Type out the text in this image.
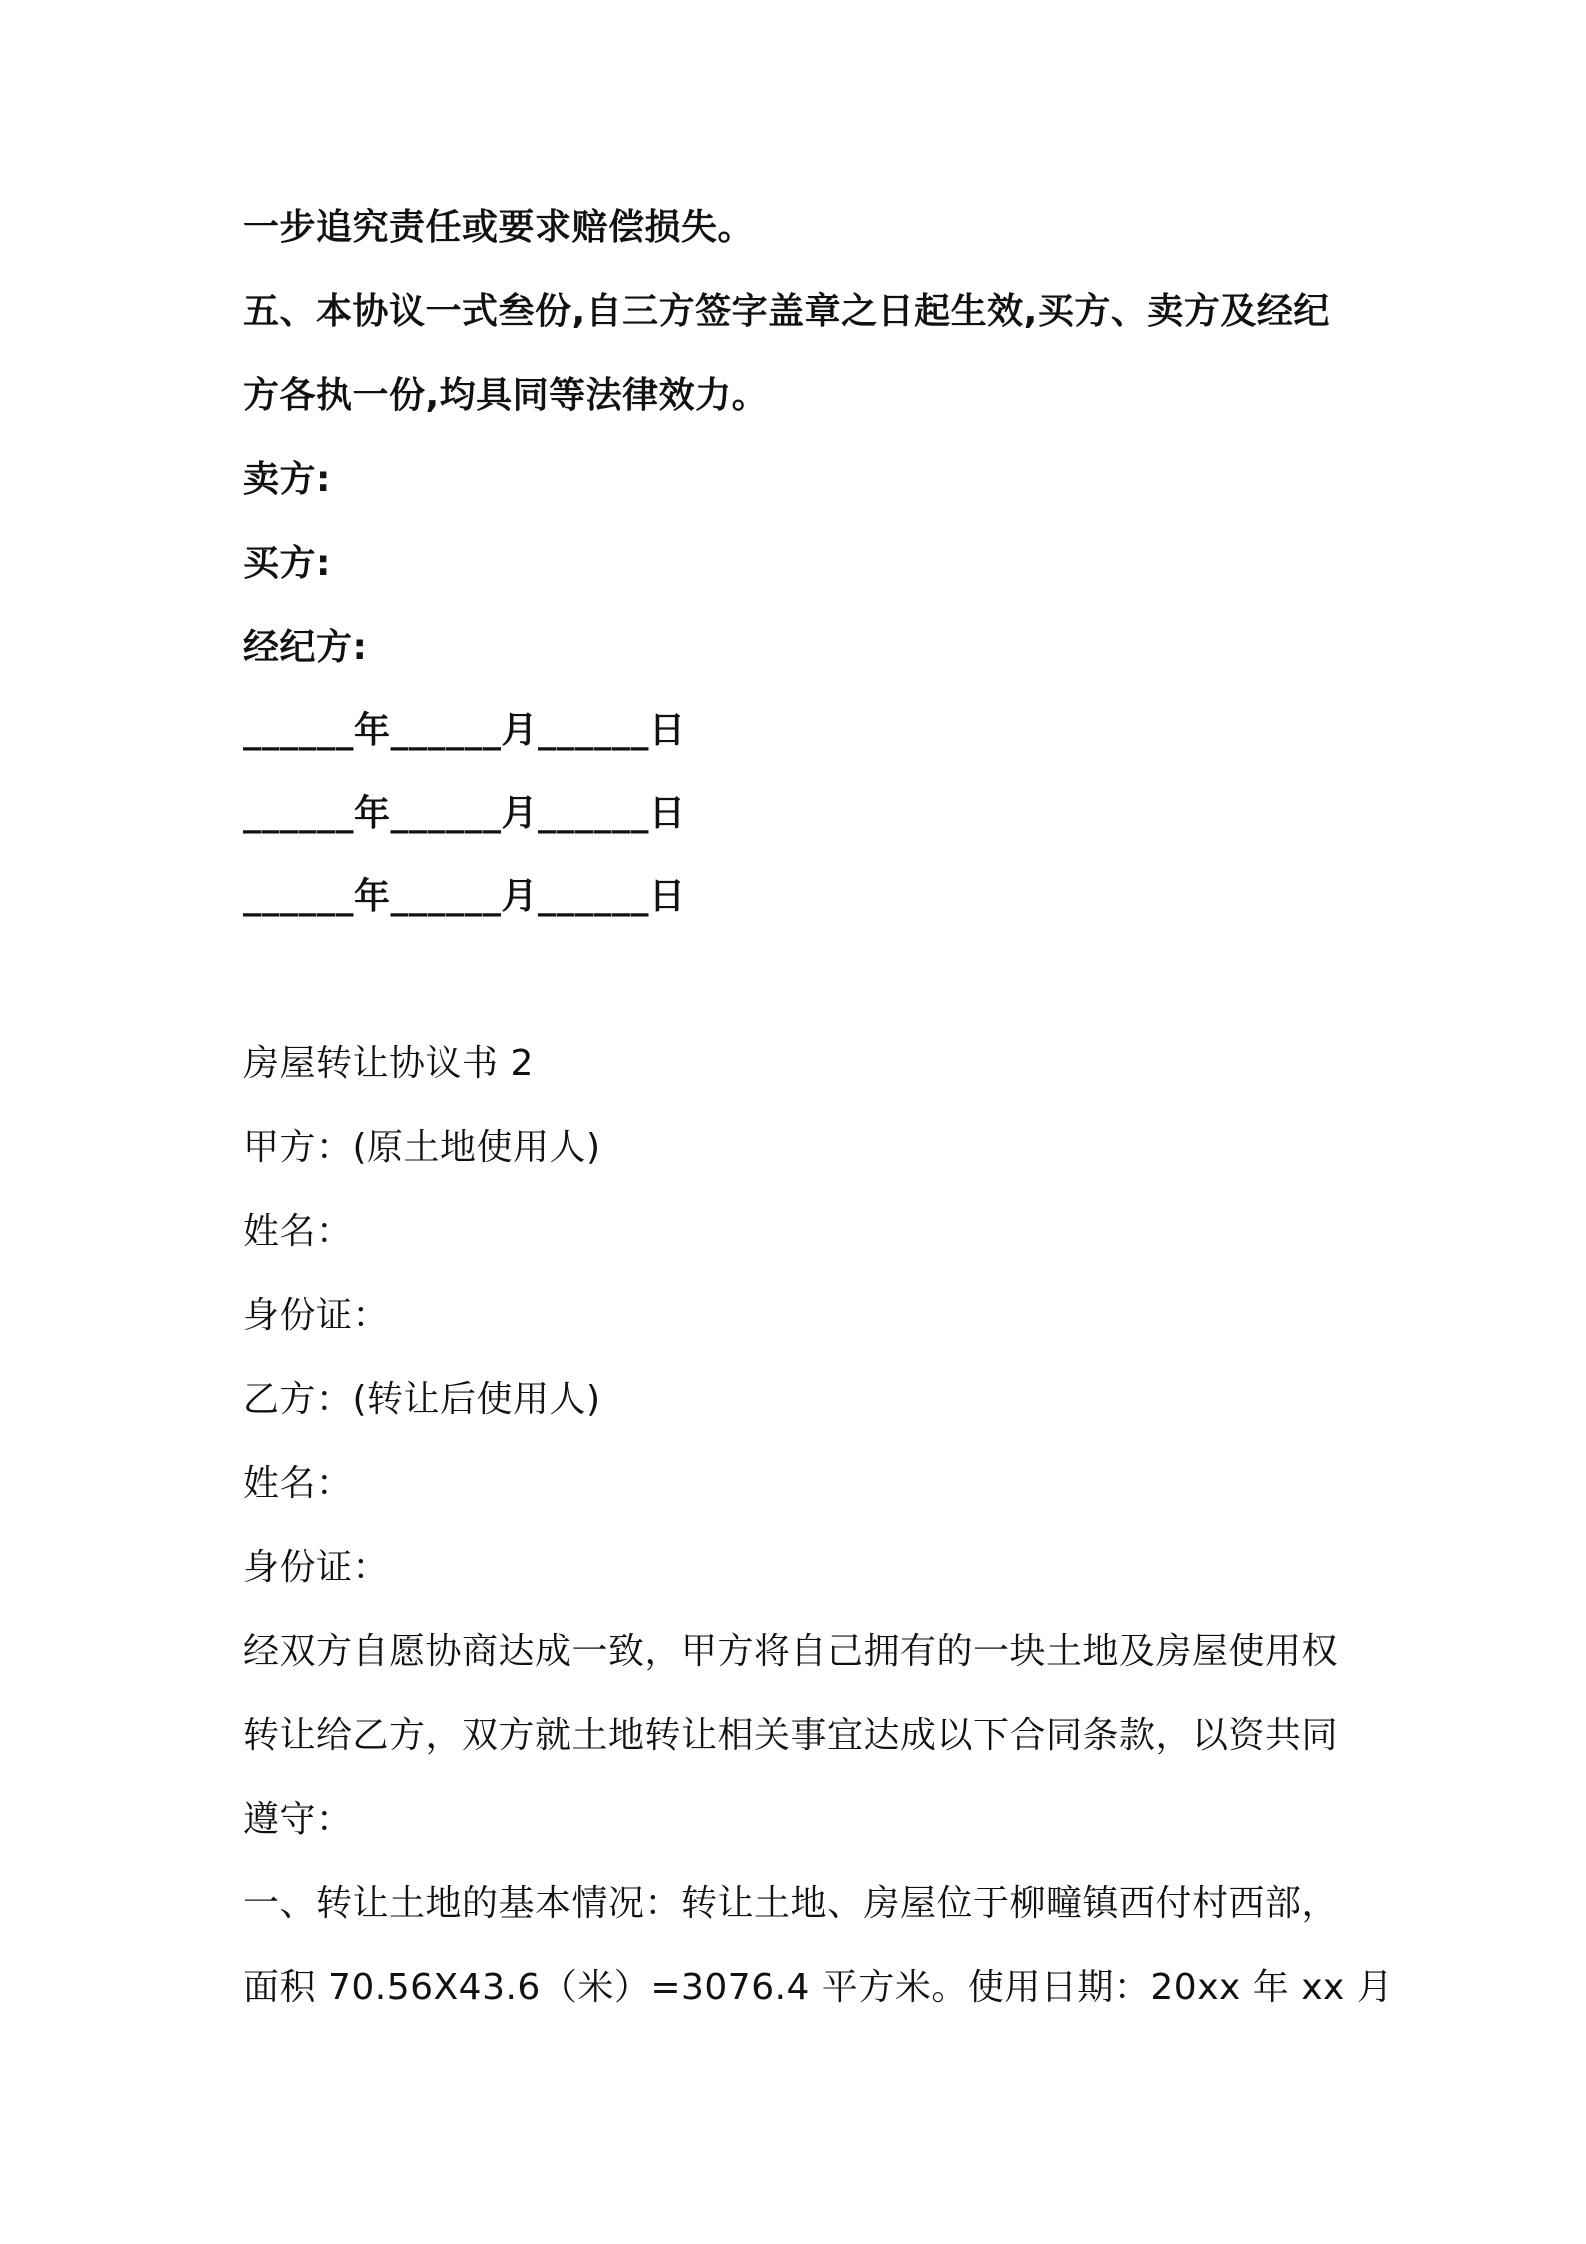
一步追究责任或要求赔偿损失。
五、本协议一式叁份,自三方签字盖章之日起生效,买方、卖方及经纪
方各执一份,均具同等法律效力。
卖方:
买方:
经纪方:
______年______月______日
______年______月______日
______年______月______日
房屋转让协议书 2
甲方：(原土地使用人)
姓名：
身份证：
乙方：(转让后使用人)
姓名：
身份证：
经双方自愿协商达成一致，甲方将自己拥有的一块土地及房屋使用权
转让给乙方，双方就土地转让相关事宜达成以下合同条款，以资共同
遵守：
一、转让土地的基本情况：转让土地、房屋位于柳疃镇西付村西部，
面积 70.56X43.6（米）=3076.4 平方米。使用日期：20xx 年 xx 月
